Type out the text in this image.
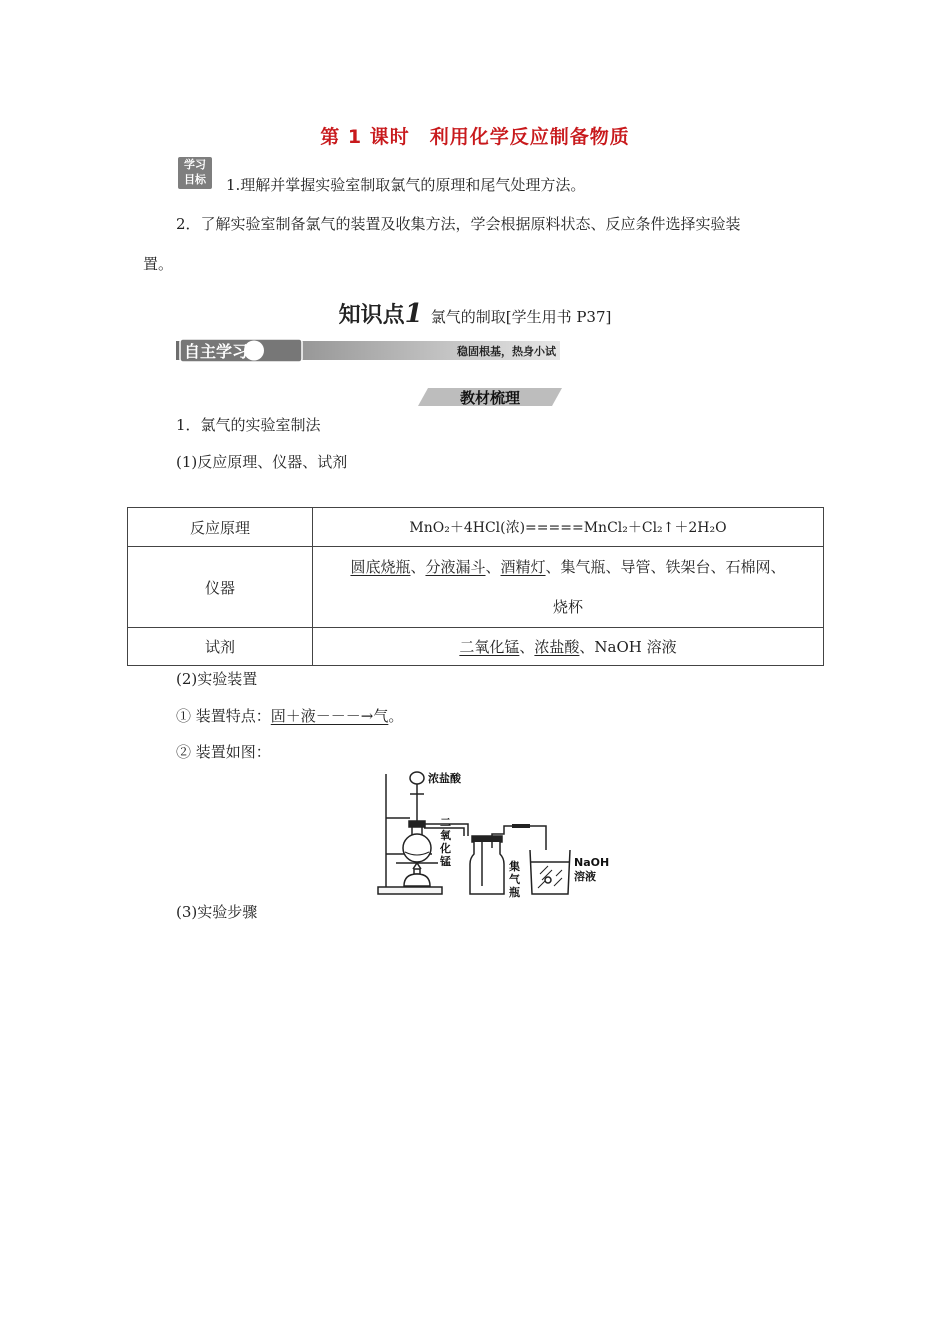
第 1 课时　利用化学反应制备物质
学习
目标	1.理解并掌握实验室制取氯气的原理和尾气处理方法。
2．了解实验室制备氯气的装置及收集方法，学会根据原料状态、反应条件选择实验装
置。
知识点1 氯气的制取[学生用书 P37]
自主学习	稳固根基，热身小试
教材梳理
1．氯气的实验室制法
(1)反应原理、仪器、试剂
反应原理	MnO₂＋4HCl(浓)=====MnCl₂＋Cl₂↑＋2H₂O
仪器	圆底烧瓶、分液漏斗、酒精灯、集气瓶、导管、铁架台、石棉网、
烧杯

试剂	二氧化锰、浓盐酸、NaOH 溶液
(2)实验装置
① 装置特点：固＋液－－－→气。
② 装置如图：
浓盐酸
二
氧
化
锰	集
气
瓶
NaOH
溶液
(3)实验步骤
